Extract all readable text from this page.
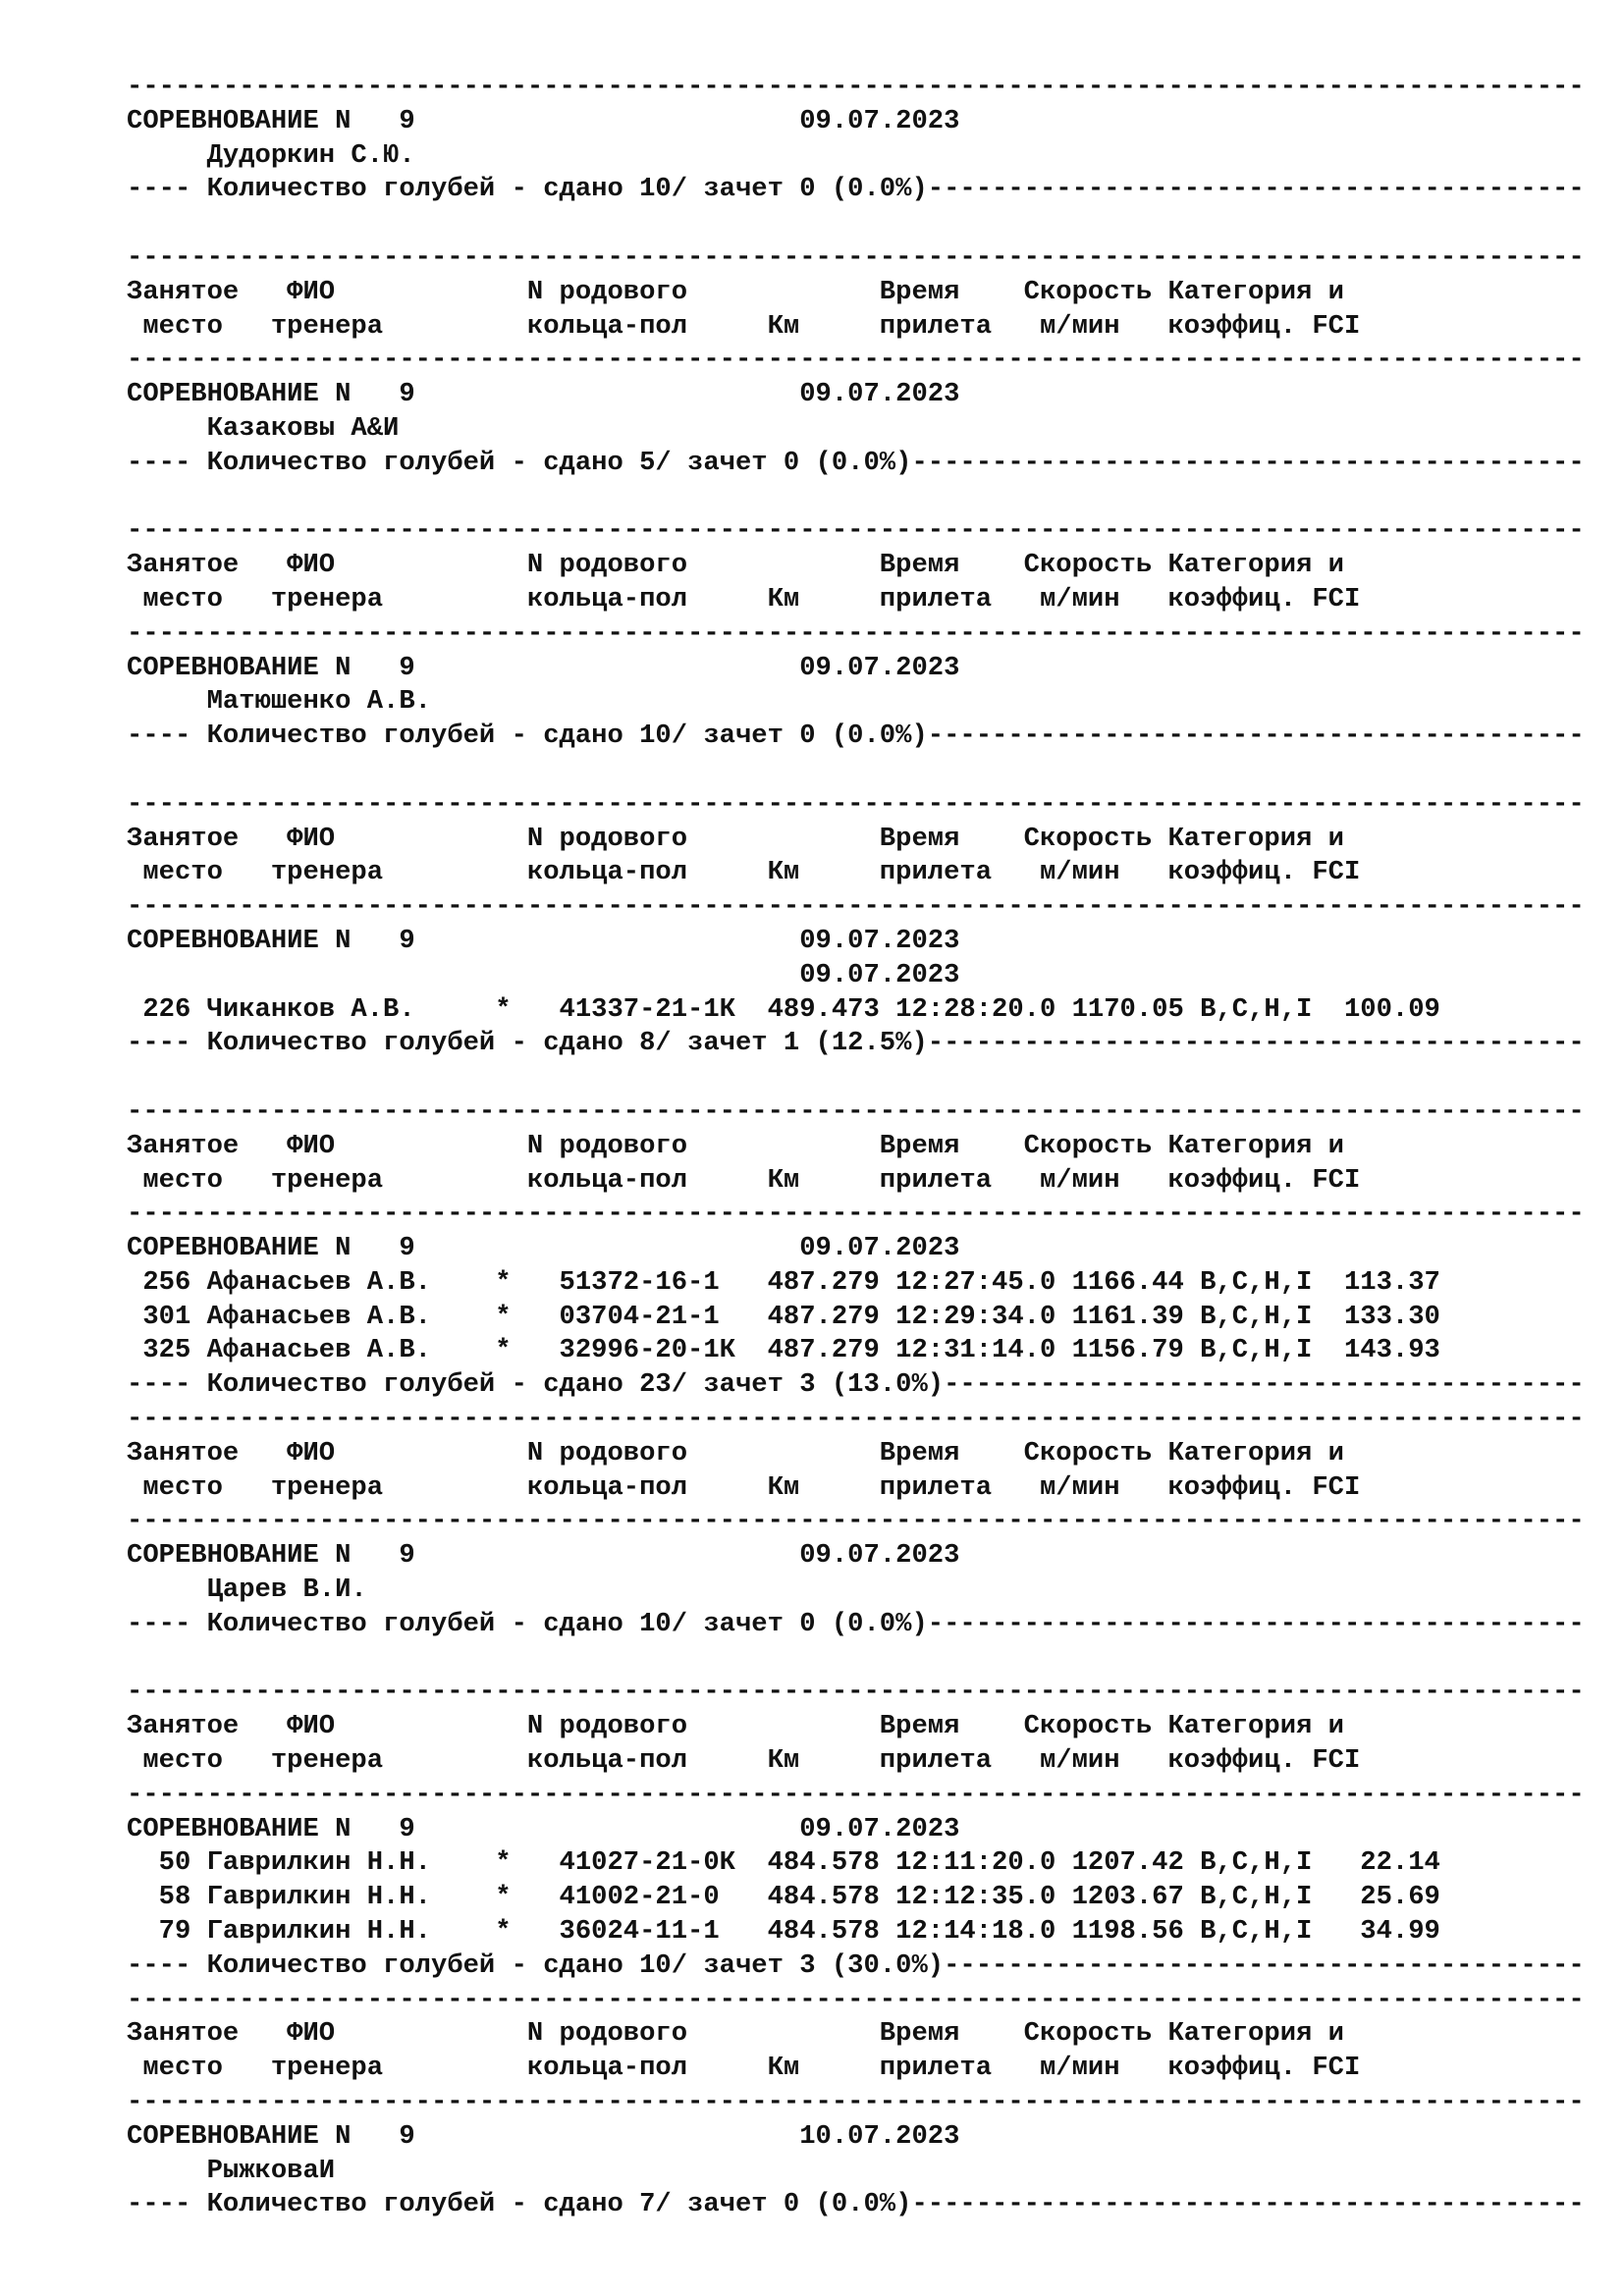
-------------------------------------------------------------------------------------------
СОРЕВНОВАНИЕ N   9                        09.07.2023
Дудоркин С.Ю.
---- Количество голубей - сдано 10/ зачет 0 (0.0%)-----------------------------------------
-------------------------------------------------------------------------------------------
Занятое   ФИО            N родового            Время    Скорость Категория и
место   тренера         кольца-пол     Км     прилета   м/мин   коэффиц. FCI
-------------------------------------------------------------------------------------------
СОРЕВНОВАНИЕ N   9                        09.07.2023
Казаковы А&И
---- Количество голубей - сдано 5/ зачет 0 (0.0%)------------------------------------------
-------------------------------------------------------------------------------------------
Занятое   ФИО            N родового            Время    Скорость Категория и
место   тренера         кольца-пол     Км     прилета   м/мин   коэффиц. FCI
-------------------------------------------------------------------------------------------
СОРЕВНОВАНИЕ N   9                        09.07.2023
Матюшенко А.В.
---- Количество голубей - сдано 10/ зачет 0 (0.0%)-----------------------------------------
-------------------------------------------------------------------------------------------
Занятое   ФИО            N родового            Время    Скорость Категория и
место   тренера         кольца-пол     Км     прилета   м/мин   коэффиц. FCI
-------------------------------------------------------------------------------------------
СОРЕВНОВАНИЕ N   9                        09.07.2023
09.07.2023
226 Чиканков А.В.     *   41337-21-1К  489.473 12:28:20.0 1170.05 B,C,H,I  100.09
---- Количество голубей - сдано 8/ зачет 1 (12.5%)-----------------------------------------
-------------------------------------------------------------------------------------------
Занятое   ФИО            N родового            Время    Скорость Категория и
место   тренера         кольца-пол     Км     прилета   м/мин   коэффиц. FCI
-------------------------------------------------------------------------------------------
СОРЕВНОВАНИЕ N   9                        09.07.2023
256 Афанасьев А.В.    *   51372-16-1   487.279 12:27:45.0 1166.44 B,C,H,I  113.37
301 Афанасьев А.В.    *   03704-21-1   487.279 12:29:34.0 1161.39 B,C,H,I  133.30
325 Афанасьев А.В.    *   32996-20-1К  487.279 12:31:14.0 1156.79 B,C,H,I  143.93
---- Количество голубей - сдано 23/ зачет 3 (13.0%)----------------------------------------
-------------------------------------------------------------------------------------------
Занятое   ФИО            N родового            Время    Скорость Категория и
место   тренера         кольца-пол     Км     прилета   м/мин   коэффиц. FCI
-------------------------------------------------------------------------------------------
СОРЕВНОВАНИЕ N   9                        09.07.2023
Царев В.И.
---- Количество голубей - сдано 10/ зачет 0 (0.0%)-----------------------------------------
-------------------------------------------------------------------------------------------
Занятое   ФИО            N родового            Время    Скорость Категория и
место   тренера         кольца-пол     Км     прилета   м/мин   коэффиц. FCI
-------------------------------------------------------------------------------------------
СОРЕВНОВАНИЕ N   9                        09.07.2023
50 Гаврилкин Н.Н.    *   41027-21-0К  484.578 12:11:20.0 1207.42 B,C,H,I   22.14
58 Гаврилкин Н.Н.    *   41002-21-0   484.578 12:12:35.0 1203.67 B,C,H,I   25.69
79 Гаврилкин Н.Н.    *   36024-11-1   484.578 12:14:18.0 1198.56 B,C,H,I   34.99
---- Количество голубей - сдано 10/ зачет 3 (30.0%)----------------------------------------
-------------------------------------------------------------------------------------------
Занятое   ФИО            N родового            Время    Скорость Категория и
место   тренера         кольца-пол     Км     прилета   м/мин   коэффиц. FCI
-------------------------------------------------------------------------------------------
СОРЕВНОВАНИЕ N   9                        10.07.2023
РыжковаИ
---- Количество голубей - сдано 7/ зачет 0 (0.0%)------------------------------------------
